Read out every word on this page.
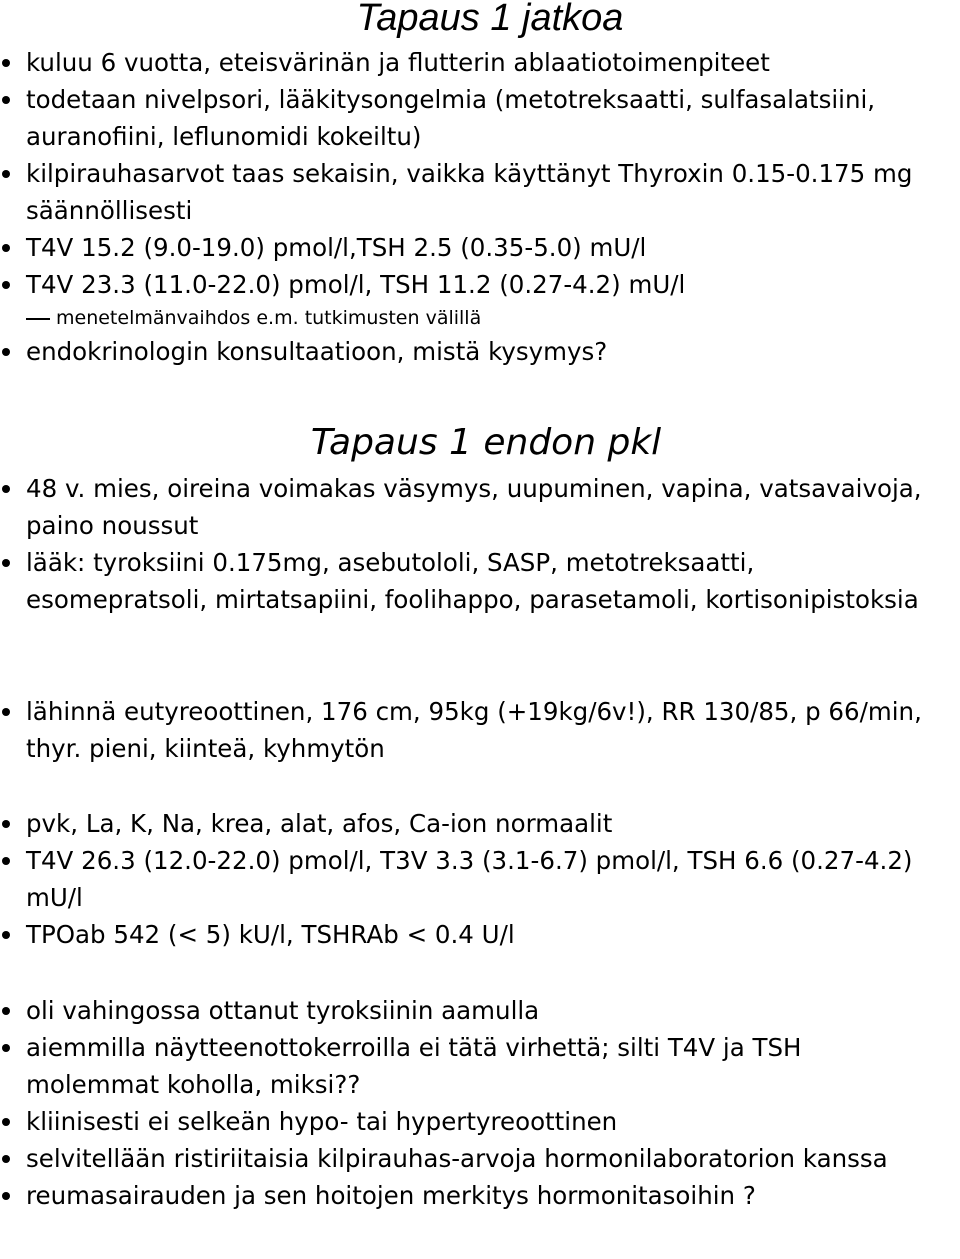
Tapaus 1 jatkoa
kuluu 6 vuotta, eteisvärinän ja flutterin ablaatiotoimenpiteet
todetaan nivelpsori, lääkitysongelmia (metotreksaatti, sulfasalatsiini, auranofiini, leflunomidi kokeiltu)
kilpirauhasarvot taas sekaisin, vaikka käyttänyt Thyroxin 0.15-0.175 mg säännöllisesti
T4V 15.2 (9.0-19.0) pmol/l,TSH 2.5 (0.35-5.0) mU/l
T4V 23.3 (11.0-22.0) pmol/l, TSH 11.2 (0.27-4.2) mU/l
menetelmänvaihdos e.m. tutkimusten välillä
endokrinologin konsultaatioon, mistä kysymys?
Tapaus 1 endon pkl
48 v. mies, oireina voimakas väsymys, uupuminen, vapina, vatsavaivoja, paino noussut
lääk: tyroksiini 0.175mg, asebutololi, SASP, metotreksaatti, esomepratsoli, mirtatsapiini, foolihappo, parasetamoli, kortisonipistoksia
lähinnä eutyreoottinen, 176 cm, 95kg (+19kg/6v!), RR 130/85, p 66/min, thyr. pieni, kiinteä, kyhmytön
pvk, La, K, Na, krea, alat, afos, Ca-ion normaalit
T4V 26.3 (12.0-22.0) pmol/l, T3V 3.3 (3.1-6.7) pmol/l, TSH 6.6 (0.27-4.2) mU/l
TPOab 542 (< 5) kU/l, TSHRAb < 0.4 U/l
oli vahingossa ottanut tyroksiinin aamulla
aiemmilla näytteenottokerroilla ei tätä virhettä; silti T4V ja TSH molemmat koholla, miksi??
kliinisesti ei selkeän hypo- tai hypertyreoottinen
selvitellään ristiriitaisia kilpirauhas-arvoja hormonilaboratorion kanssa
reumasairauden ja sen hoitojen merkitys hormonitasoihin ?
